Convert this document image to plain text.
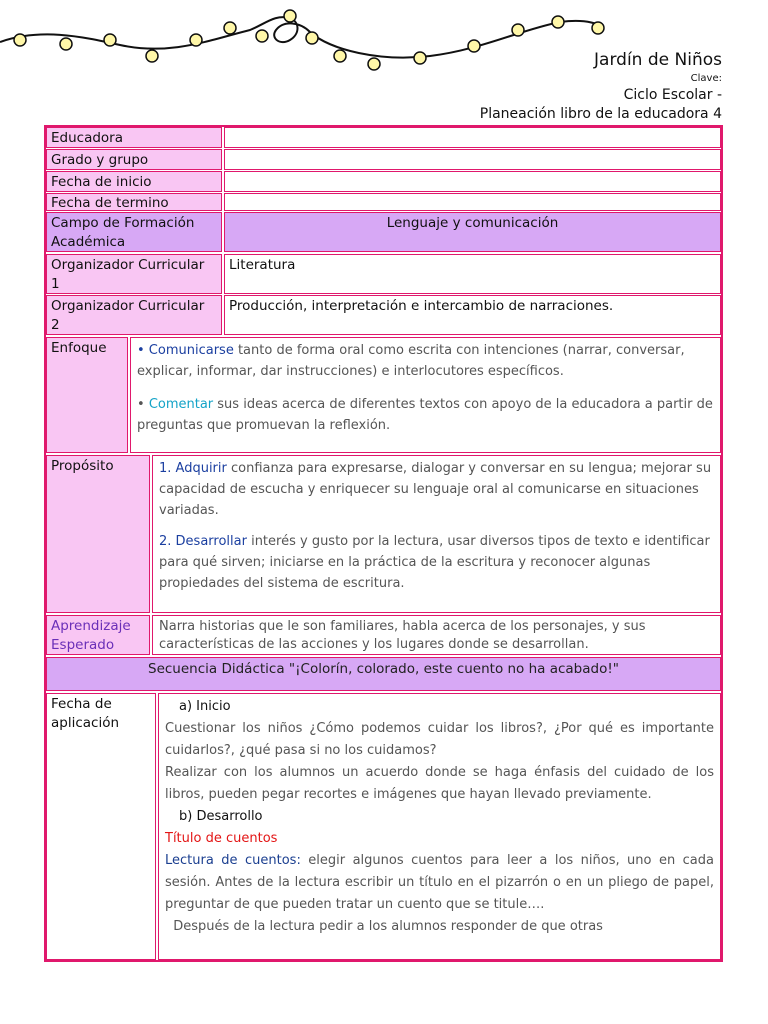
Jardín de Niños
Clave:
Ciclo Escolar -
Planeación libro de la educadora 4
Educadora
Grado y grupo
Fecha de inicio
Fecha de termino
Campo de Formación Académica
Lenguaje y comunicación
Organizador Curricular 1
Literatura
Organizador Curricular 2
Producción, interpretación e intercambio de narraciones.
Enfoque	• Comunicarse tanto de forma oral como escrita con intenciones (narrar, conversar, explicar, informar, dar instrucciones) e interlocutores específicos.
• Comentar sus ideas acerca de diferentes textos con apoyo de la educadora a partir de preguntas que promuevan la reflexión.
Propósito	1. Adquirir confianza para expresarse, dialogar y conversar en su lengua; mejorar su capacidad de escucha y enriquecer su lenguaje oral al comunicarse en situaciones variadas.
2. Desarrollar interés y gusto por la lectura, usar diversos tipos de texto e identificar para qué sirven; iniciarse en la práctica de la escritura y reconocer algunas propiedades del sistema de escritura.
Aprendizaje Esperado
Narra historias que le son familiares, habla acerca de los personajes, y sus características de las acciones y los lugares donde se desarrollan.
Secuencia Didáctica "¡Colorín, colorado, este cuento no ha acabado!"
Fecha de aplicación
a) Inicio
Cuestionar los niños ¿Cómo podemos cuidar los libros?, ¿Por qué es importante cuidarlos?, ¿qué pasa si no los cuidamos?
Realizar con los alumnos un acuerdo donde se haga énfasis del cuidado de los libros, pueden pegar recortes e imágenes que hayan llevado previamente.
b) Desarrollo
Título de cuentos
Lectura de cuentos: elegir algunos cuentos para leer a los niños, uno en cada sesión. Antes de la lectura escribir un título en el pizarrón o en un pliego de papel, preguntar de que pueden tratar un cuento que se titule….
Después de la lectura pedir a los alumnos responder de que otras
